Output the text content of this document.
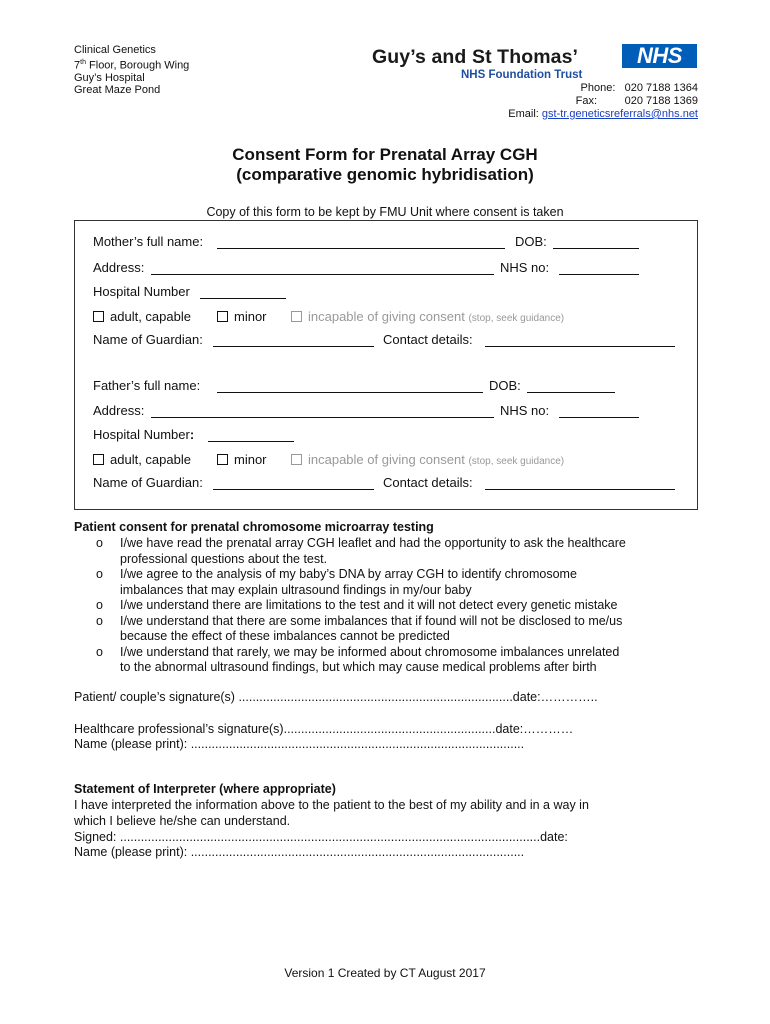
Clinical Genetics
7th Floor, Borough Wing
Guy’s Hospital
Great Maze Pond
Guy’s and St Thomas’	NHS
NHS Foundation Trust
Phone: 020 7188 1364
Fax:	020 7188 1369
Email: gst-tr.geneticsreferrals@nhs.net
Consent Form for Prenatal Array CGH
(comparative genomic hybridisation)
Copy of this form to be kept by FMU Unit where consent is taken
Mother’s full name:	DOB:
Address:	NHS no:
Hospital Number
adult, capable	minor	incapable of giving consent (stop, seek guidance)
Name of Guardian:	Contact details:
Father’s full name:	DOB:
Address:	NHS no:
Hospital Number:
adult, capable	minor	incapable of giving consent (stop, seek guidance)
Name of Guardian:	Contact details:
Patient consent for prenatal chromosome microarray testing
o I/we have read the prenatal array CGH leaflet and had the opportunity to ask the healthcare
professional questions about the test.
o I/we agree to the analysis of my baby’s DNA by array CGH to identify chromosome
imbalances that may explain ultrasound findings in my/our baby
o I/we understand there are limitations to the test and it will not detect every genetic mistake
o I/we understand that there are some imbalances that if found will not be disclosed to me/us
because the effect of these imbalances cannot be predicted
o I/we understand that rarely, we may be informed about chromosome imbalances unrelated
to the abnormal ultrasound findings, but which may cause medical problems after birth
Patient/ couple’s signature(s) ...............................................................................date:…………..
Healthcare professional’s signature(s).............................................................date:…………
Name (please print): ................................................................................................
Statement of Interpreter (where appropriate)
I have interpreted the information above to the patient to the best of my ability and in a way in
which I believe he/she can understand.
Signed: .........................................................................................................................date:
Name (please print): ................................................................................................
Version 1 Created by CT August 2017
